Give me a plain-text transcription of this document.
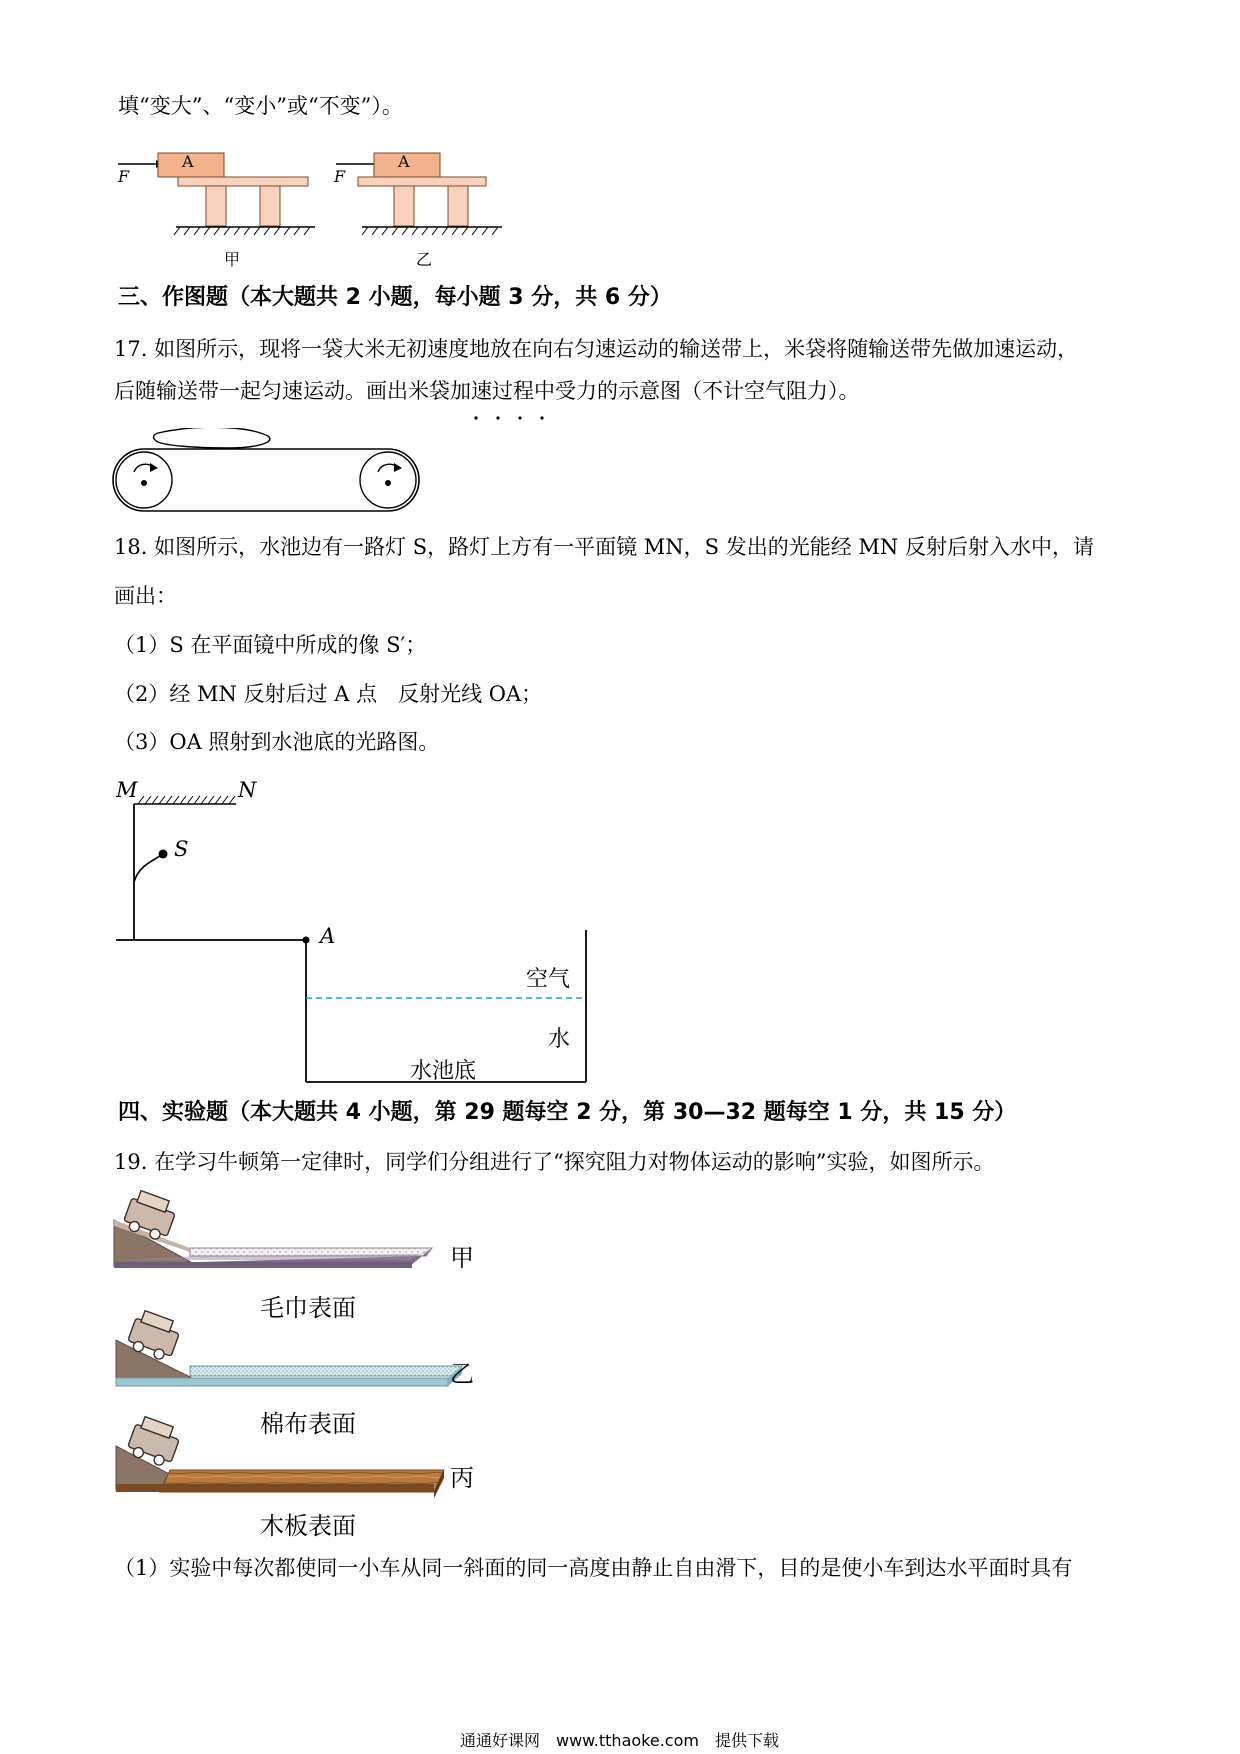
填“变大”、“变小”或“不变”）。
A	A
F	F
甲	乙
三、作图题（本大题共 2 小题，每小题 3 分，共 6 分）
17. 如图所示，现将一袋大米无初速度地放在向右匀速运动的输送带上，米袋将随输送带先做加速运动，
后随输送带一起匀速运动。画出米袋加速过程中受力的示意图（不计空气阻力）。
18. 如图所示，水池边有一路灯 S，路灯上方有一平面镜 MN，S 发出的光能经 MN 反射后射入水中，请
画出：
（1）S 在平面镜中所成的像 S′；
（2）经 MN 反射后过 A 点　反射光线 OA；
（3）OA 照射到水池底的光路图。
M	N
S
A
空气
水
水池底
四、实验题（本大题共 4 小题，第 29 题每空 2 分，第 30—32 题每空 1 分，共 15 分）
19. 在学习牛顿第一定律时，同学们分组进行了“探究阻力对物体运动的影响”实验，如图所示。
甲
毛巾表面
乙
棉布表面
丙
木板表面
（1）实验中每次都使同一小车从同一斜面的同一高度由静止自由滑下，目的是使小车到达水平面时具有
通通好课网　www.tthaoke.com　提供下载
